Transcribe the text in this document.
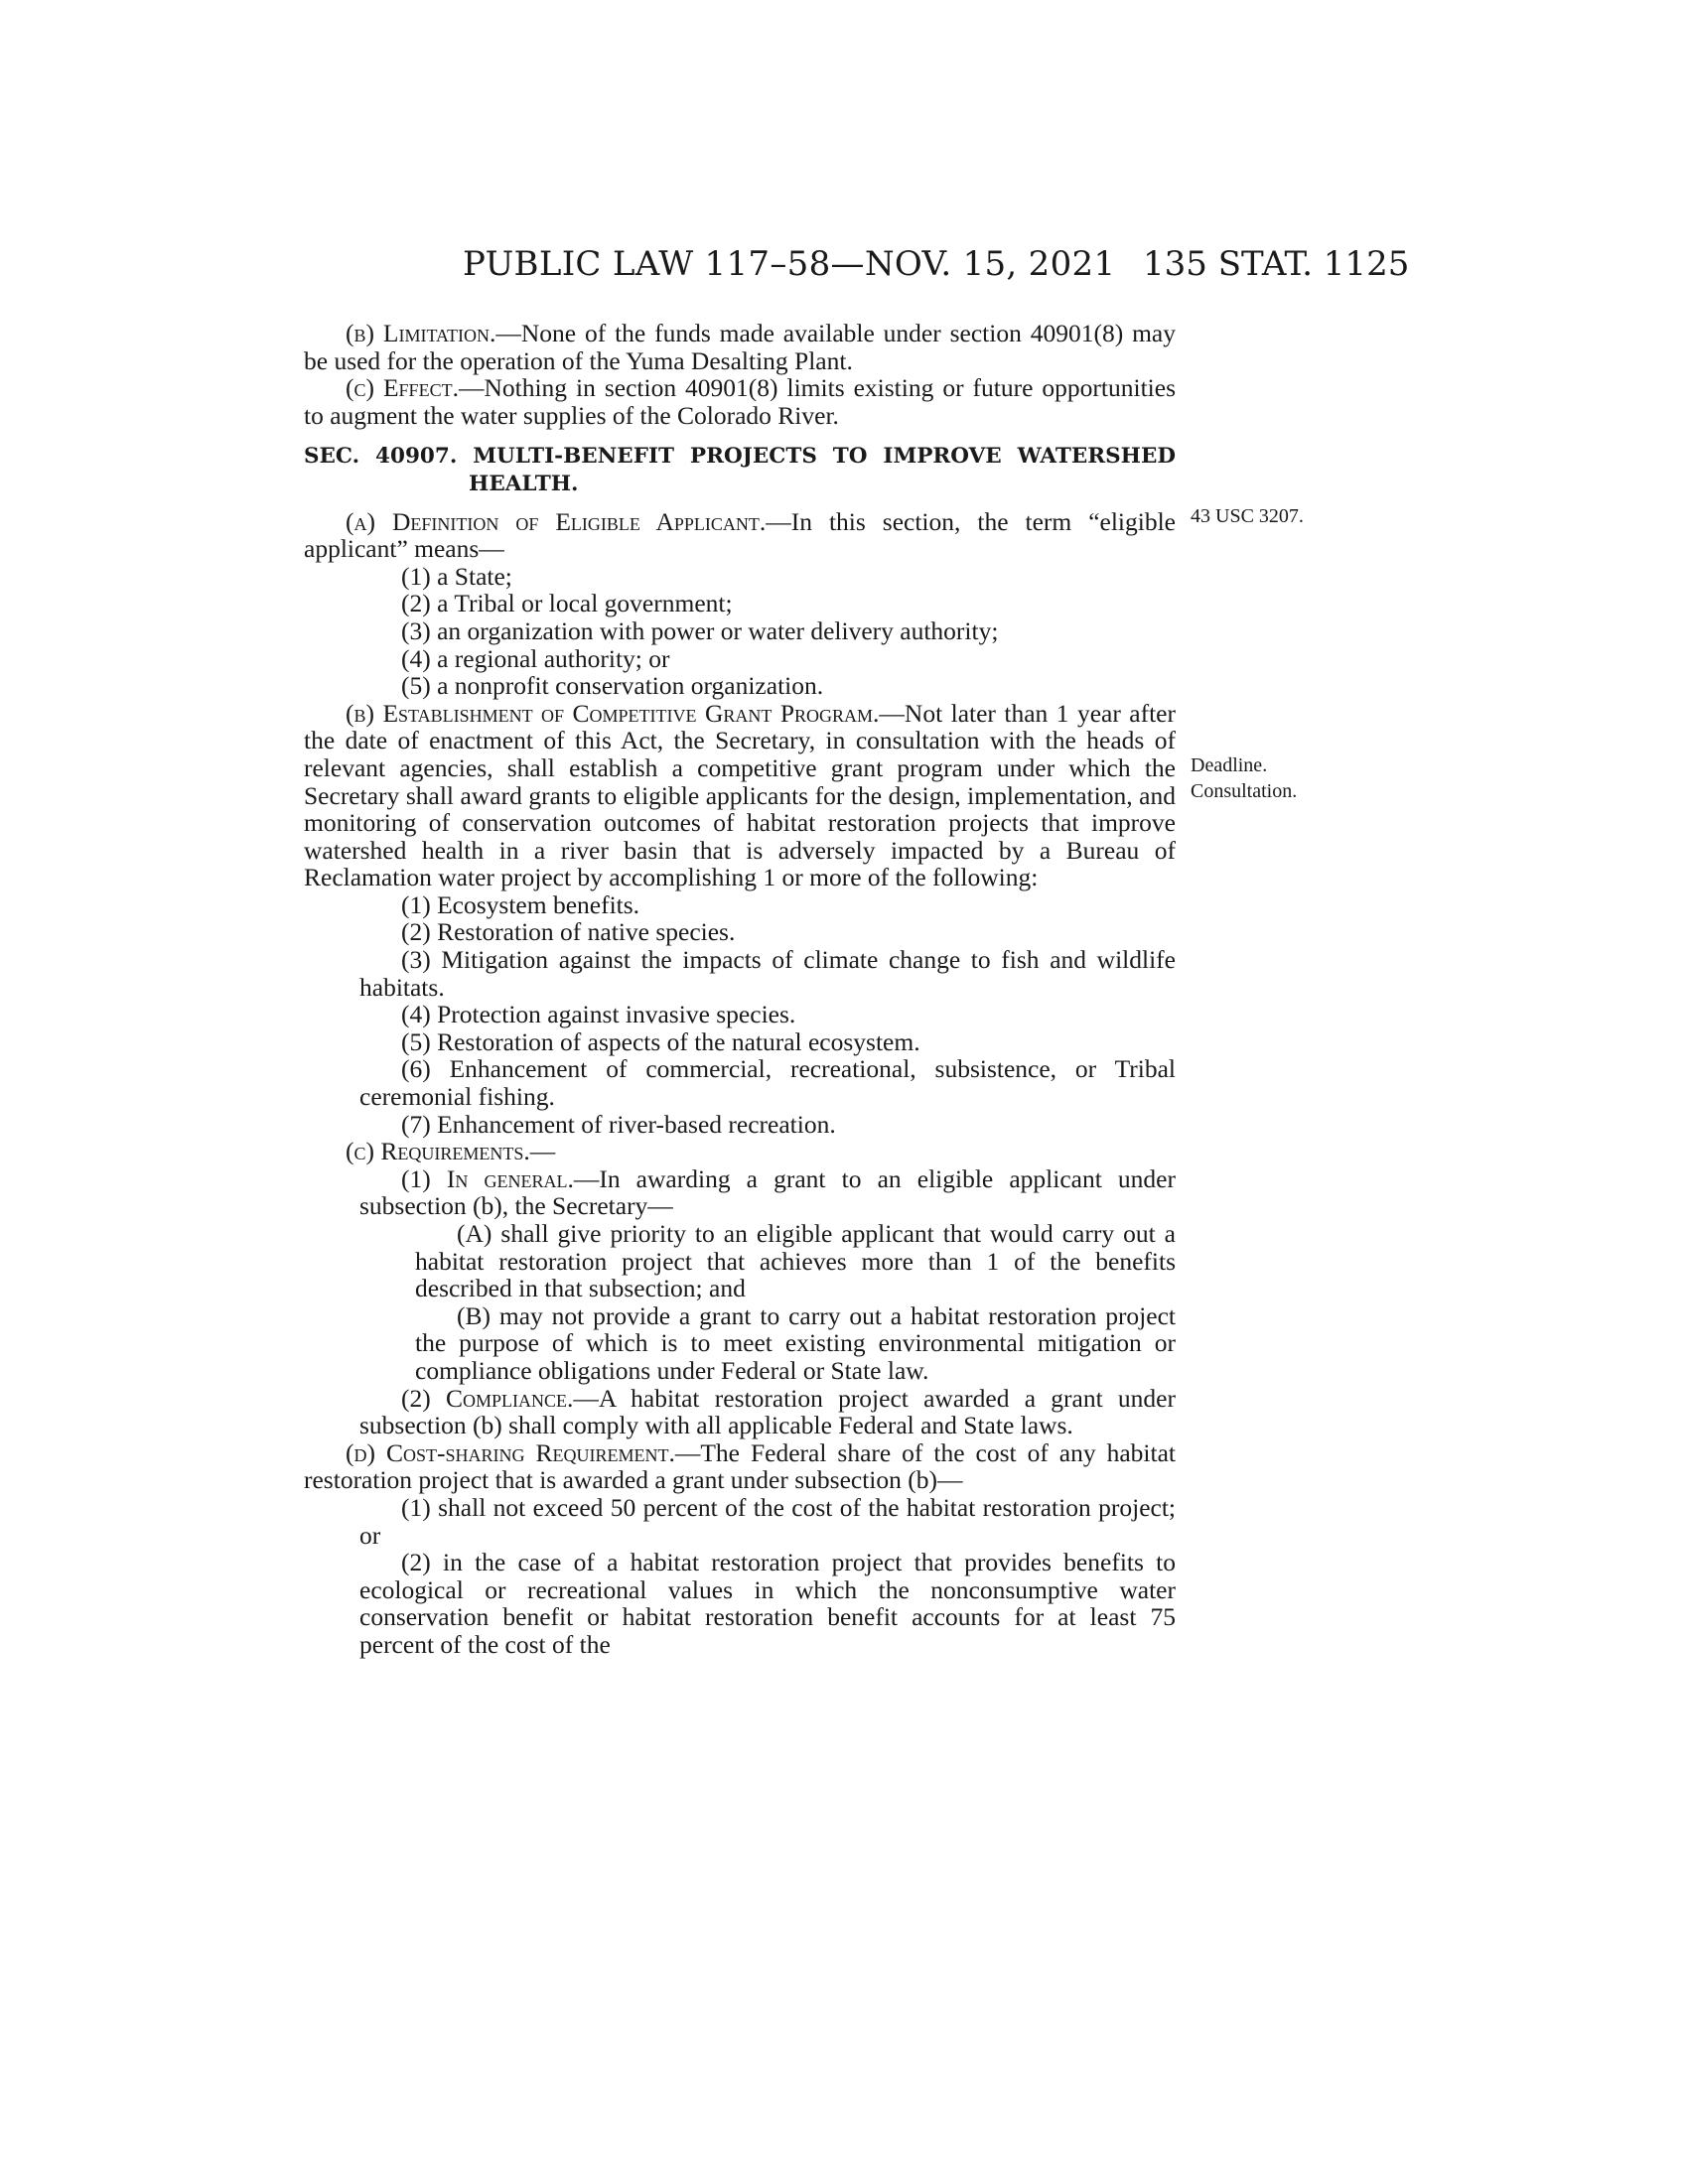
PUBLIC LAW 117–58—NOV. 15, 2021 135 STAT. 1125
43 USC 3207.
Deadline.
Consultation.

(b) Limitation.—None of the funds made available under section 40901(8) may be used for the operation of the Yuma Desalting Plant.

(c) Effect.—Nothing in section 40901(8) limits existing or future opportunities to augment the water supplies of the Colorado River.

SEC. 40907. MULTI-BENEFIT PROJECTS TO IMPROVE WATERSHED HEALTH.

(a) Definition of Eligible Applicant.—In this section, the term “eligible applicant” means—

(1) a State;

(2) a Tribal or local government;

(3) an organization with power or water delivery authority;

(4) a regional authority; or

(5) a nonprofit conservation organization.

(b) Establishment of Competitive Grant Program.—Not later than 1 year after the date of enactment of this Act, the Secretary, in consultation with the heads of relevant agencies, shall establish a competitive grant program under which the Secretary shall award grants to eligible applicants for the design, implementation, and monitoring of conservation outcomes of habitat restoration projects that improve watershed health in a river basin that is adversely impacted by a Bureau of Reclamation water project by accomplishing 1 or more of the following:

(1) Ecosystem benefits.

(2) Restoration of native species.

(3) Mitigation against the impacts of climate change to fish and wildlife habitats.

(4) Protection against invasive species.

(5) Restoration of aspects of the natural ecosystem.

(6) Enhancement of commercial, recreational, subsistence, or Tribal ceremonial fishing.

(7) Enhancement of river-based recreation.

(c) Requirements.—

(1) In general.—In awarding a grant to an eligible applicant under subsection (b), the Secretary—

(A) shall give priority to an eligible applicant that would carry out a habitat restoration project that achieves more than 1 of the benefits described in that subsection; and

(B) may not provide a grant to carry out a habitat restoration project the purpose of which is to meet existing environmental mitigation or compliance obligations under Federal or State law.

(2) Compliance.—A habitat restoration project awarded a grant under subsection (b) shall comply with all applicable Federal and State laws.

(d) Cost-sharing Requirement.—The Federal share of the cost of any habitat restoration project that is awarded a grant under subsection (b)—

(1) shall not exceed 50 percent of the cost of the habitat restoration project; or

(2) in the case of a habitat restoration project that provides benefits to ecological or recreational values in which the nonconsumptive water conservation benefit or habitat restoration benefit accounts for at least 75 percent of the cost of the
